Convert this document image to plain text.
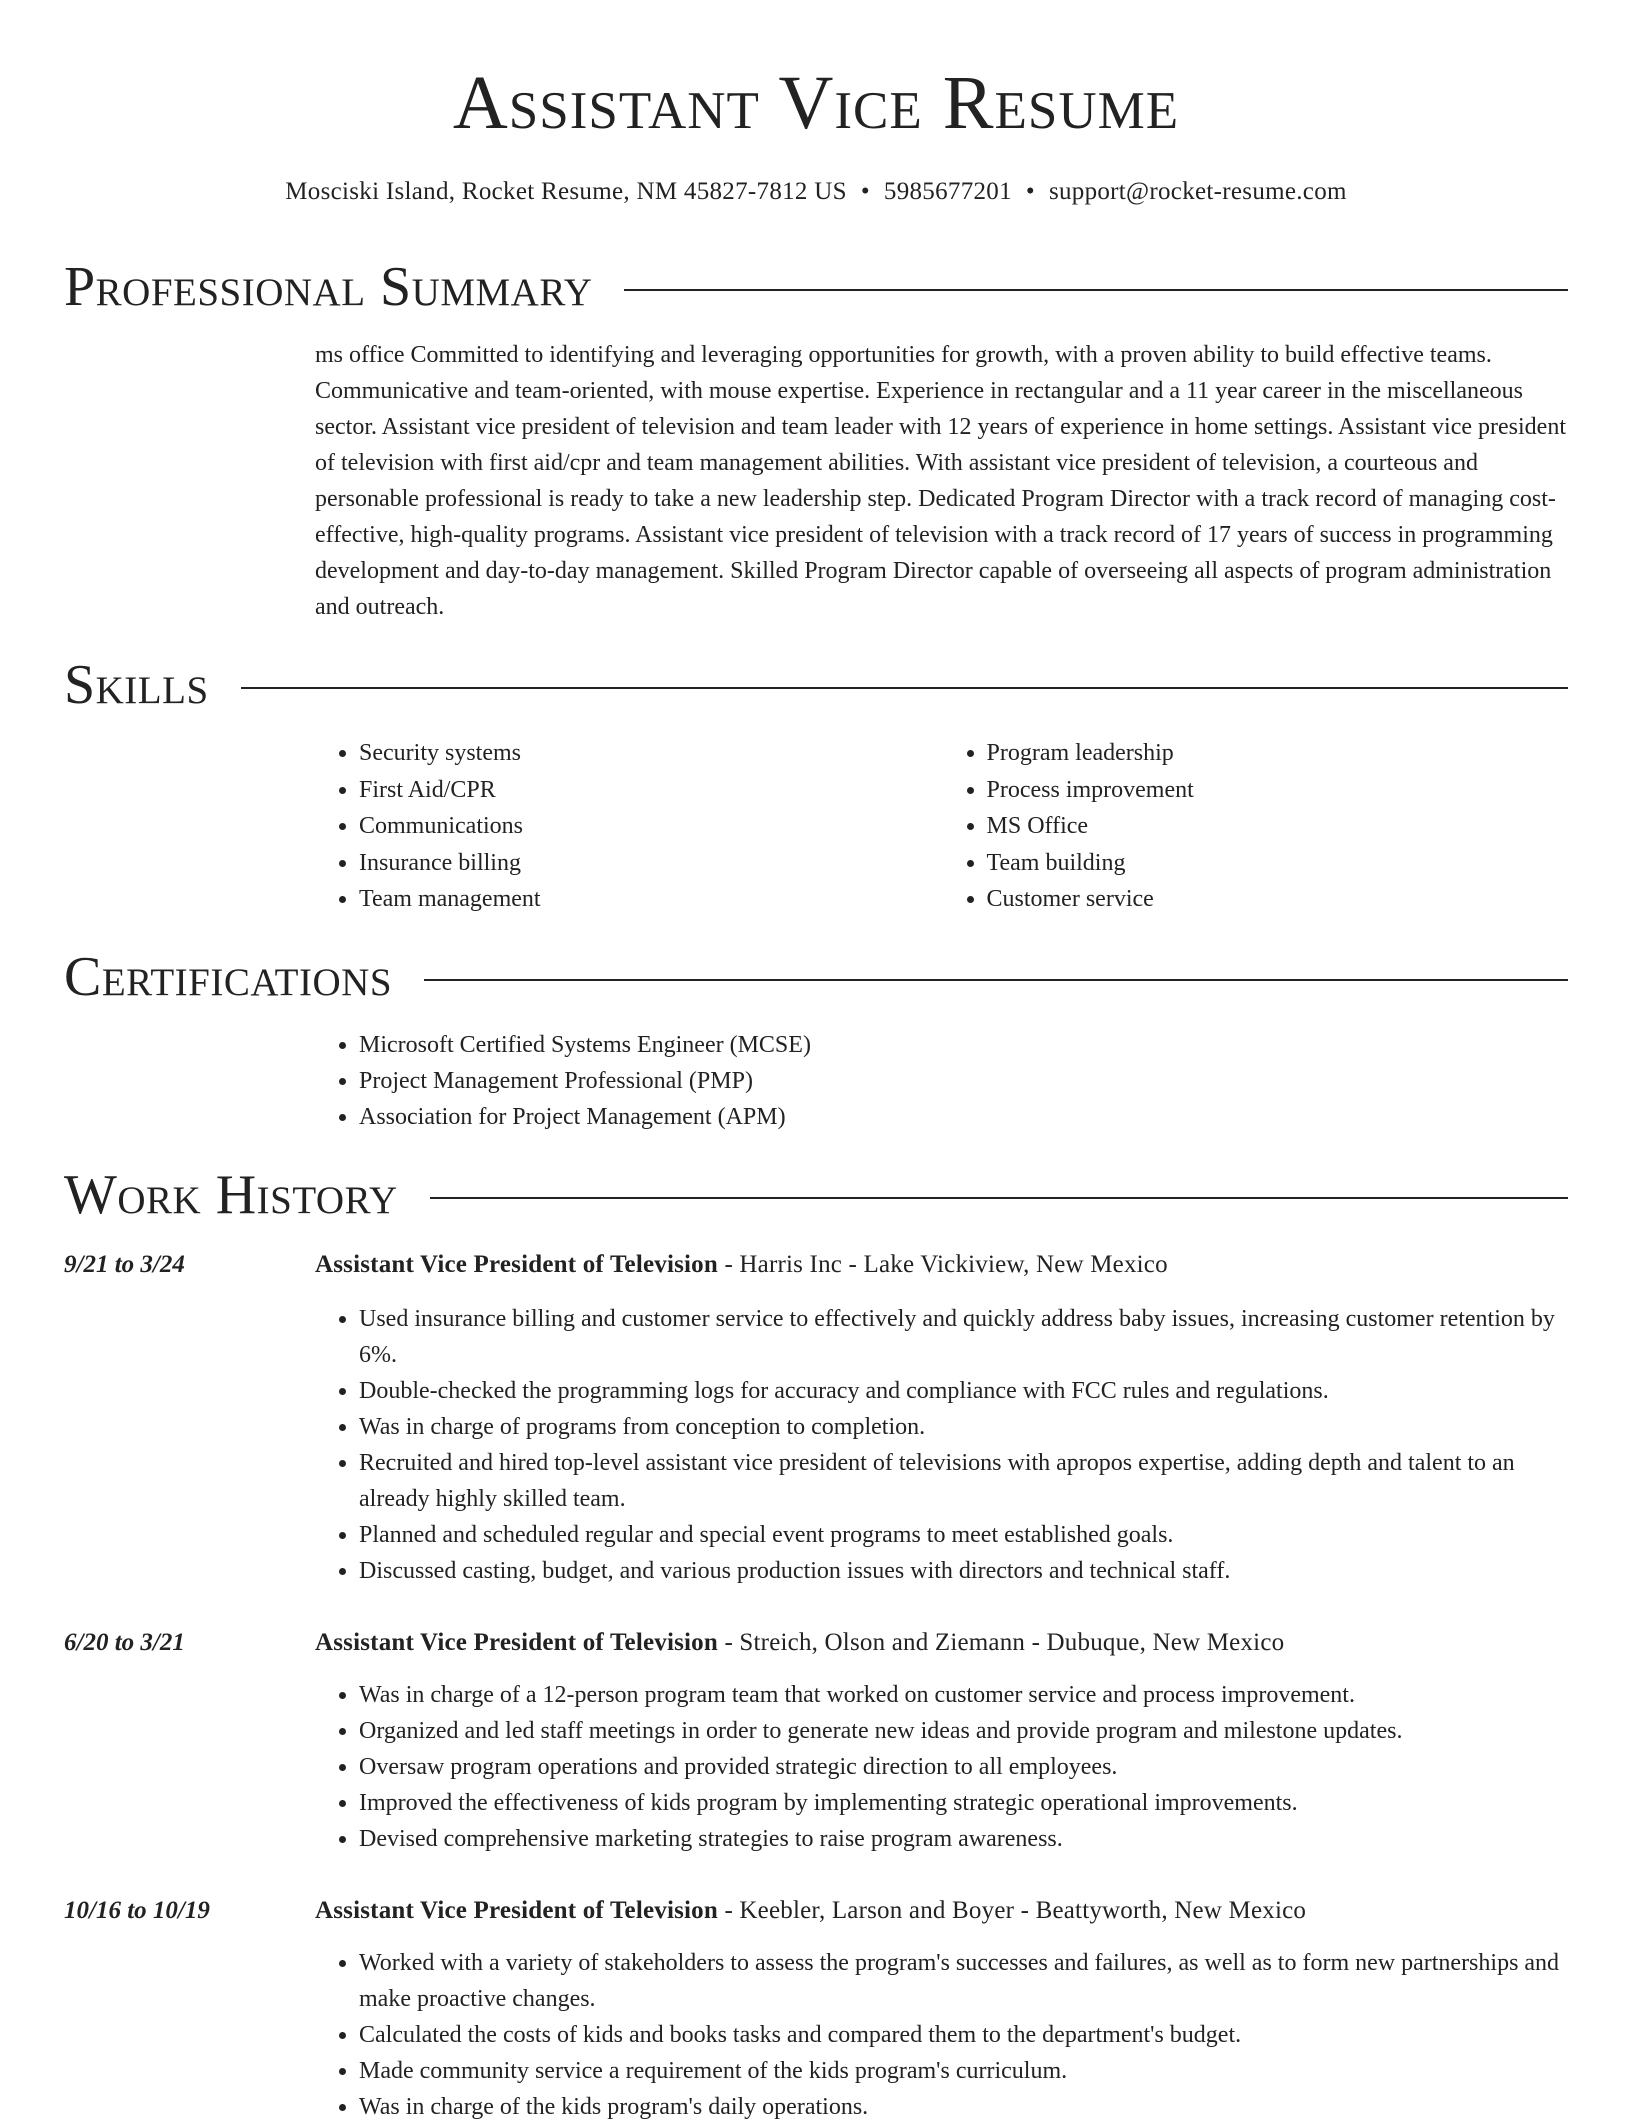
Assistant Vice Resume
Mosciski Island, Rocket Resume, NM 45827-7812 US • 5985677201 • support@rocket-resume.com
Professional Summary

ms office Committed to identifying and leveraging opportunities for growth, with a proven ability to build effective teams. Communicative and team-oriented, with mouse expertise. Experience in rectangular and a 11 year career in the miscellaneous sector. Assistant vice president of television and team leader with 12 years of experience in home settings. Assistant vice president of television with first aid/cpr and team management abilities. With assistant vice president of television, a courteous and personable professional is ready to take a new leadership step. Dedicated Program Director with a track record of managing cost-effective, high-quality programs. Assistant vice president of television with a track record of 17 years of success in programming development and day-to-day management. Skilled Program Director capable of overseeing all aspects of program administration and outreach.

Skills
• Security systems
• First Aid/CPR
• Communications
• Insurance billing
• Team management
• Program leadership
• Process improvement
• MS Office
• Team building
• Customer service
Certifications
• Microsoft Certified Systems Engineer (MCSE)
• Project Management Professional (PMP)
• Association for Project Management (APM)
Work History
9/21 to 3/24	Assistant Vice President of Television - Harris Inc - Lake Vickiview, New Mexico
• Used insurance billing and customer service to effectively and quickly address baby issues, increasing customer retention by 6%.
• Double-checked the programming logs for accuracy and compliance with FCC rules and regulations.
• Was in charge of programs from conception to completion.
• Recruited and hired top-level assistant vice president of televisions with apropos expertise, adding depth and talent to an already highly skilled team.
• Planned and scheduled regular and special event programs to meet established goals.
• Discussed casting, budget, and various production issues with directors and technical staff.
6/20 to 3/21	Assistant Vice President of Television - Streich, Olson and Ziemann - Dubuque, New Mexico
• Was in charge of a 12-person program team that worked on customer service and process improvement.
• Organized and led staff meetings in order to generate new ideas and provide program and milestone updates.
• Oversaw program operations and provided strategic direction to all employees.
• Improved the effectiveness of kids program by implementing strategic operational improvements.
• Devised comprehensive marketing strategies to raise program awareness.
10/16 to 10/19	Assistant Vice President of Television - Keebler, Larson and Boyer - Beattyworth, New Mexico
• Worked with a variety of stakeholders to assess the program's successes and failures, as well as to form new partnerships and make proactive changes.
• Calculated the costs of kids and books tasks and compared them to the department's budget.
• Made community service a requirement of the kids program's curriculum.
• Was in charge of the kids program's daily operations.
